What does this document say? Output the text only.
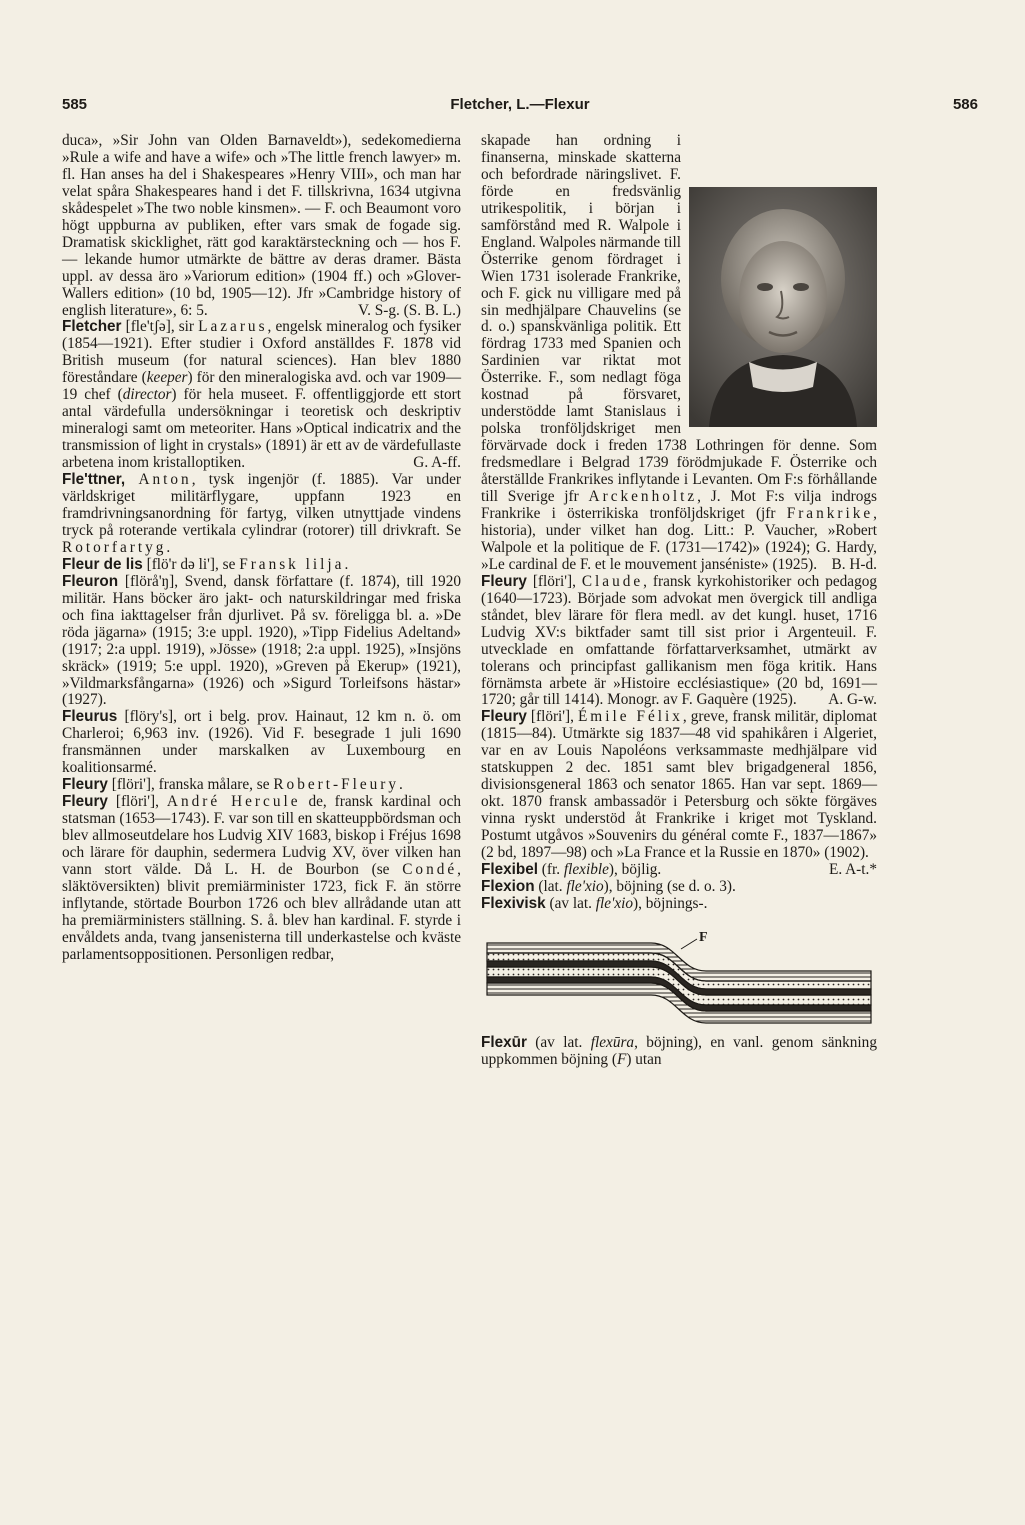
585	Fletcher, L.—Flexur	586

duca», »Sir John van Olden Barnaveldt»), sedekomedierna »Rule a wife and have a wife» och »The little french lawyer» m. fl. Han anses ha del i Shakespeares »Henry VIII», och man har velat spåra Shakespeares hand i det F. tillskrivna, 1634 utgivna skådespelet »The two noble kinsmen». — F. och Beaumont voro högt uppburna av publiken, efter vars smak de fogade sig. Dramatisk skicklighet, rätt god karaktärsteckning och — hos F. — lekande humor utmärkte de bättre av deras dramer. Bästa uppl. av dessa äro »Variorum edition» (1904 ff.) och »Glover-Wallers edition» (10 bd, 1905—12). Jfr »Cambridge history of english literature», 6: 5.	V. S-g. (S. B. L.)

Fletcher [fle'tʃə], sir Lazarus, engelsk mineralog och fysiker (1854—1921). Efter studier i Oxford anställdes F. 1878 vid British museum (for natural sciences). Han blev 1880 föreståndare (keeper) för den mineralogiska avd. och var 1909—19 chef (director) för hela museet. F. offentliggjorde ett stort antal värdefulla undersökningar i teoretisk och deskriptiv mineralogi samt om meteoriter. Hans »Optical indicatrix and the transmission of light in crystals» (1891) är ett av de värdefullaste arbetena inom kristalloptiken.	G. A-ff.

Fle'ttner, Anton, tysk ingenjör (f. 1885). Var under världskriget militärflygare, uppfann 1923 en framdrivningsanordning för fartyg, vilken utnyttjade vindens tryck på roterande vertikala cylindrar (rotorer) till drivkraft. Se Rotorfartyg.

Fleur de lis [flö'r də li'], se Fransk lilja.

Fleuron [flörå'ŋ], Svend, dansk författare (f. 1874), till 1920 militär. Hans böcker äro jakt- och naturskildringar med friska och fina iakttagelser från djurlivet. På sv. föreligga bl. a. »De röda jägarna» (1915; 3:e uppl. 1920), »Tipp Fidelius Adeltand» (1917; 2:a uppl. 1919), »Jösse» (1918; 2:a uppl. 1925), »Insjöns skräck» (1919; 5:e uppl. 1920), »Greven på Ekerup» (1921), »Vildmarksfångarna» (1926) och »Sigurd Torleifsons hästar» (1927).

Fleurus [flöry's], ort i belg. prov. Hainaut, 12 km n. ö. om Charleroi; 6,963 inv. (1926). Vid F. besegrade 1 juli 1690 fransmännen under marskalken av Luxembourg en koalitionsarmé.

Fleury [flöri'], franska målare, se Robert-Fleury.

Fleury [flöri'], André Hercule de, fransk kardinal och statsman (1653—1743). F. var son till en skatteuppbördsman och blev allmoseutdelare hos Ludvig XIV 1683, biskop i Fréjus 1698 och lärare för dauphin, sedermera Ludvig XV, över vilken han vann stort välde. Då L. H. de Bourbon (se Condé, släktöversikten) blivit premiärminister 1723, fick F. än större inflytande, störtade Bourbon 1726 och blev allrådande utan att ha premiärministers ställning. S. å. blev han kardinal. F. styrde i envåldets anda, tvang jansenisterna till underkastelse och kväste parlamentsoppositionen. Personligen redbar,

skapade han ordning i finanserna, minskade skatterna och befordrade näringslivet. F. förde en fredsvänlig utrikespolitik, i början i samförstånd med R. Walpole i England. Walpoles närmande till Österrike genom fördraget i Wien 1731 isolerade Frankrike, och F. gick nu villigare med på sin medhjälpare Chauvelins (se d. o.) spanskvänliga politik. Ett fördrag 1733 med Spanien och Sardinien var riktat mot Österrike. F., som nedlagt föga kostnad på försvaret, understödde lamt Stanislaus i polska tronföljdskriget men förvärvade dock i freden 1738 Lothringen för denne. Som fredsmedlare i Belgrad 1739 förödmjukade F. Österrike och återställde Frankrikes inflytande i Levanten. Om F:s förhållande till Sverige jfr Arckenholtz, J. Mot F:s vilja indrogs Frankrike i österrikiska tronföljdskriget (jfr Frankrike, historia), under vilket han dog. Litt.: P. Vaucher, »Robert Walpole et la politique de F. (1731—1742)» (1924); G. Hardy, »Le cardinal de F. et le mouvement janséniste» (1925). B. H-d.

Fleury [flöri'], Claude, fransk kyrkohistoriker och pedagog (1640—1723). Började som advokat men övergick till andliga ståndet, blev lärare för flera medl. av det kungl. huset, 1716 Ludvig XV:s biktfader samt till sist prior i Argenteuil. F. utvecklade en omfattande författarverksamhet, utmärkt av tolerans och principfast gallikanism men föga kritik. Hans förnämsta arbete är »Histoire ecclésiastique» (20 bd, 1691—1720; går till 1414). Monogr. av F. Gaquère (1925). A. G-w.

Fleury [flöri'], Émile Félix, greve, fransk militär, diplomat (1815—84). Utmärkte sig 1837—48 vid spahikåren i Algeriet, var en av Louis Napoléons verksammaste medhjälpare vid statskuppen 2 dec. 1851 samt blev brigadgeneral 1856, divisionsgeneral 1863 och senator 1865. Han var sept. 1869—okt. 1870 fransk ambassadör i Petersburg och sökte förgäves vinna ryskt understöd åt Frankrike i kriget mot Tyskland. Postumt utgåvos »Souvenirs du général comte F., 1837—1867» (2 bd, 1897—98) och »La France et la Russie en 1870» (1902).
E. A-t.*

Flexibel (fr. flexible), böjlig.

Flexion (lat. fle'xio), böjning (se d. o. 3).

Flexivisk (av lat. fle'xio), böjnings-.

F

Flexūr (av lat. flexūra, böjning), en vanl. genom sänkning uppkommen böjning (F) utan
